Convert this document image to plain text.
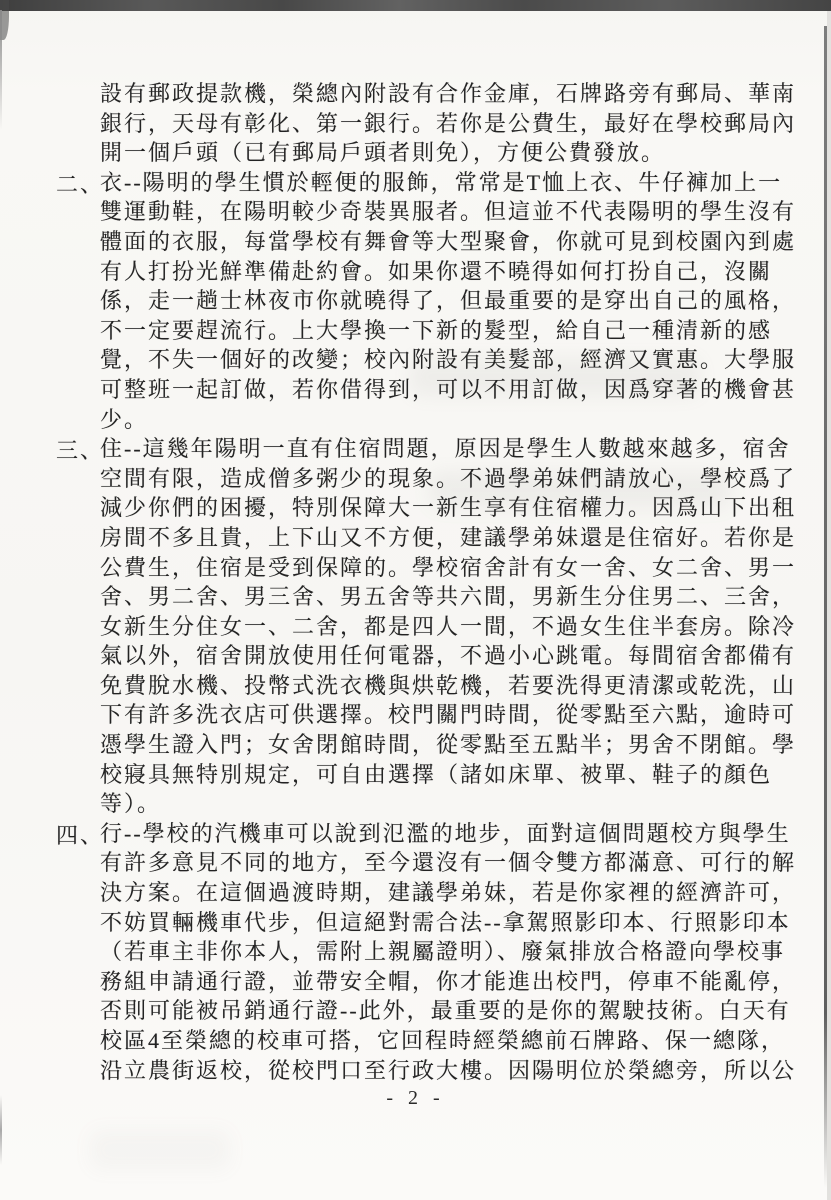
設有郵政提款機，榮總內附設有合作金庫，石牌路旁有郵局、華南
銀行，天母有彰化、第一銀行。若你是公費生，最好在學校郵局內
開一個戶頭（已有郵局戶頭者則免），方便公費發放。
二、
衣--陽明的學生慣於輕便的服飾，常常是T恤上衣、牛仔褲加上一
雙運動鞋，在陽明較少奇裝異服者。但這並不代表陽明的學生沒有
體面的衣服，每當學校有舞會等大型聚會，你就可見到校園內到處
有人打扮光鮮準備赴約會。如果你還不曉得如何打扮自己，沒關
係，走一趟士林夜市你就曉得了，但最重要的是穿出自己的風格，
不一定要趕流行。上大學換一下新的髮型，給自己一種清新的感
覺，不失一個好的改變；校內附設有美髮部，經濟又實惠。大學服
可整班一起訂做，若你借得到，可以不用訂做，因爲穿著的機會甚
少。
三、
住--這幾年陽明一直有住宿問題，原因是學生人數越來越多，宿舍
空間有限，造成僧多粥少的現象。不過學弟妹們請放心，學校爲了
減少你們的困擾，特別保障大一新生享有住宿權力。因爲山下出租
房間不多且貴，上下山又不方便，建議學弟妹還是住宿好。若你是
公費生，住宿是受到保障的。學校宿舍計有女一舍、女二舍、男一
舍、男二舍、男三舍、男五舍等共六間，男新生分住男二、三舍，
女新生分住女一、二舍，都是四人一間，不過女生住半套房。除冷
氣以外，宿舍開放使用任何電器，不過小心跳電。每間宿舍都備有
免費脫水機、投幣式洗衣機與烘乾機，若要洗得更清潔或乾洗，山
下有許多洗衣店可供選擇。校門關門時間，從零點至六點，逾時可
憑學生證入門；女舍閉館時間，從零點至五點半；男舍不閉館。學
校寢具無特別規定，可自由選擇（諸如床單、被單、鞋子的顏色
等）。
四、
行--學校的汽機車可以說到氾濫的地步，面對這個問題校方與學生
有許多意見不同的地方，至今還沒有一個令雙方都滿意、可行的解
決方案。在這個過渡時期，建議學弟妹，若是你家裡的經濟許可，
不妨買輛機車代步，但這絕對需合法--拿駕照影印本、行照影印本
（若車主非你本人，需附上親屬證明）、廢氣排放合格證向學校事
務組申請通行證，並帶安全帽，你才能進出校門，停車不能亂停，
否則可能被吊銷通行證--此外，最重要的是你的駕駛技術。白天有
校區4至榮總的校車可搭，它回程時經榮總前石牌路、保一總隊，
沿立農街返校，從校門口至行政大樓。因陽明位於榮總旁，所以公
- 2 -
